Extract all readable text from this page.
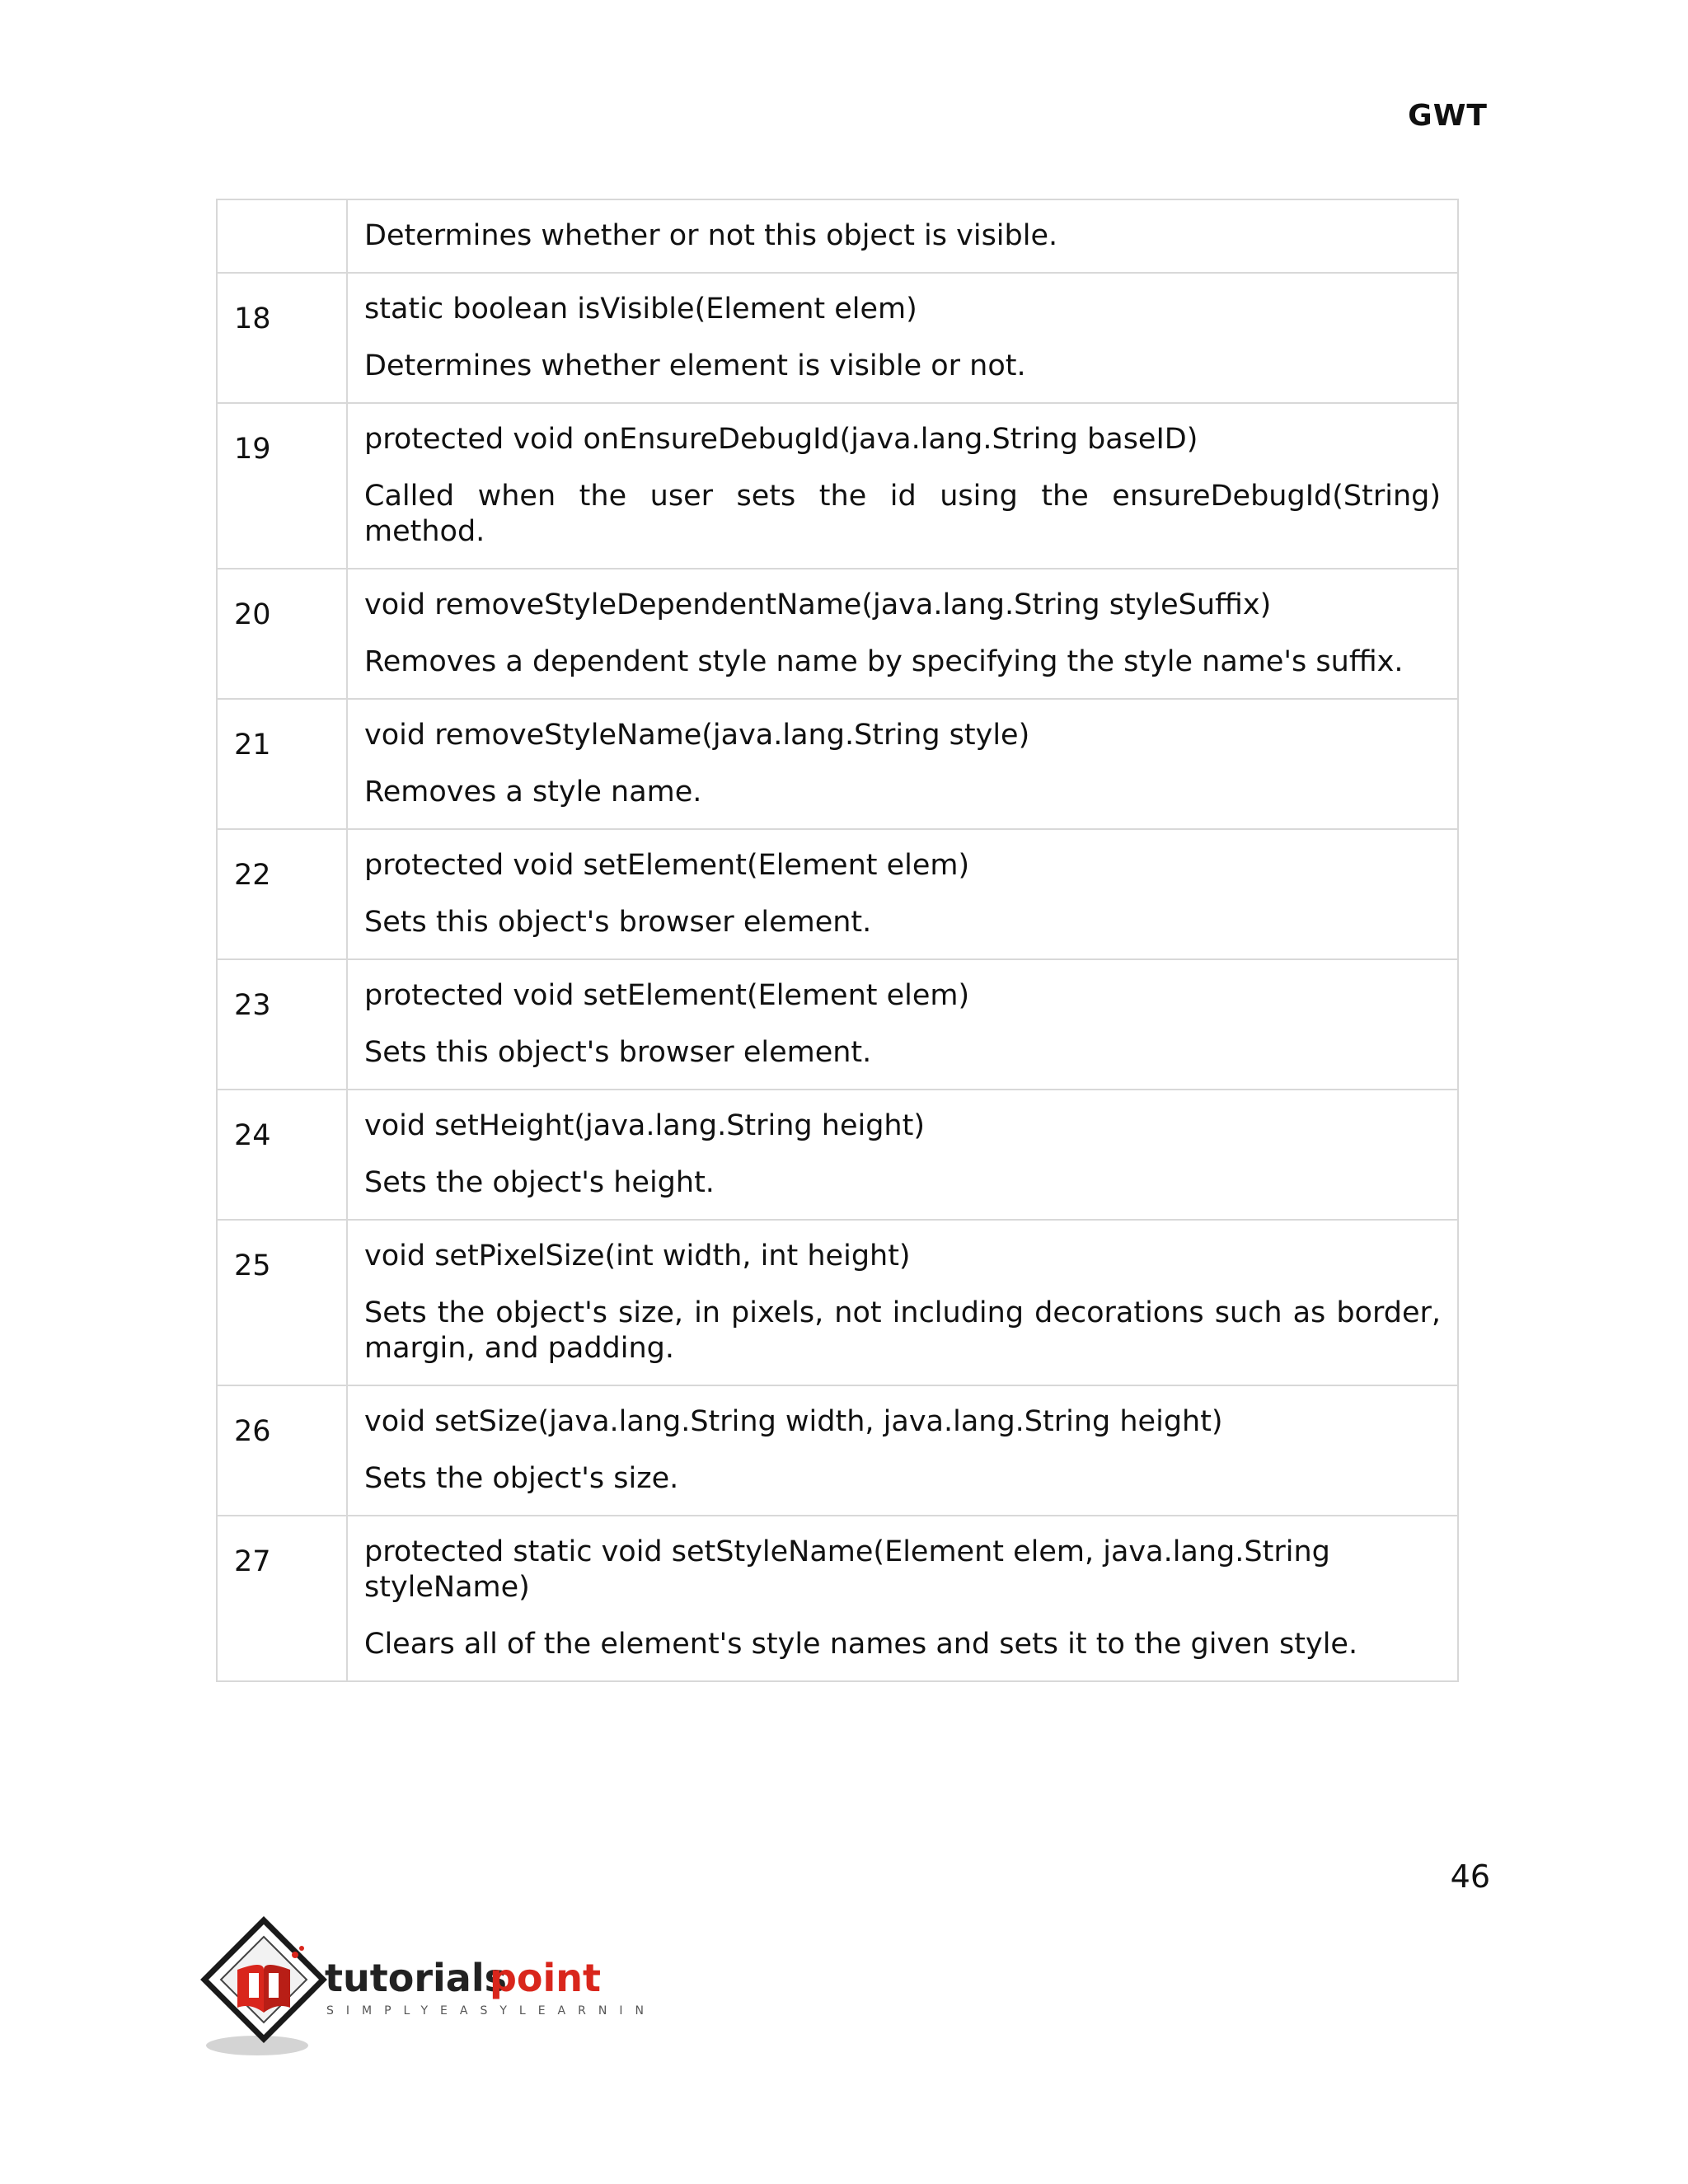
GWT

	Determines whether or not this object is visible.

18	static boolean isVisible(Element elem)

Determines whether element is visible or not.

19	protected void onEnsureDebugId(java.lang.String baseID)

Called when the user sets the id using the ensureDebugId(String) method.

20	void removeStyleDependentName(java.lang.String styleSuffix)

Removes a dependent style name by specifying the style name's suffix.

21	void removeStyleName(java.lang.String style)

Removes a style name.

22	protected void setElement(Element elem)

Sets this object's browser element.

23	protected void setElement(Element elem)

Sets this object's browser element.

24	void setHeight(java.lang.String height)

Sets the object's height.

25	void setPixelSize(int width, int height)

Sets the object's size, in pixels, not including decorations such as border, margin, and padding.

26	void setSize(java.lang.String width, java.lang.String height)

Sets the object's size.

27	protected static void setStyleName(Element elem, java.lang.String styleName)

Clears all of the element's style names and sets it to the given style.

46
tutorials
point
SIMPLYEASYLEARNING
